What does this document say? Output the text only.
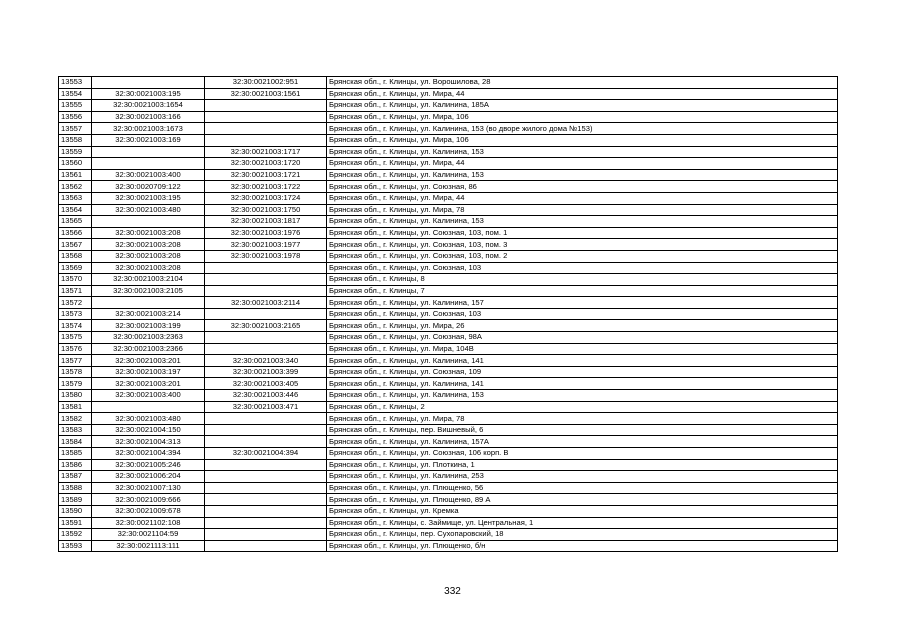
13553		32:30:0021002:951	Брянская обл., г. Клинцы, ул. Ворошилова, 28
13554	32:30:0021003:195	32:30:0021003:1561	Брянская обл., г. Клинцы, ул. Мира, 44
13555	32:30:0021003:1654		Брянская обл., г. Клинцы, ул. Калинина, 185А
13556	32:30:0021003:166		Брянская обл., г. Клинцы, ул. Мира, 106
13557	32:30:0021003:1673		Брянская обл., г. Клинцы, ул. Калинина, 153 (во дворе жилого дома №153)
13558	32:30:0021003:169		Брянская обл., г. Клинцы, ул. Мира, 106
13559		32:30:0021003:1717	Брянская обл., г. Клинцы, ул. Калинина, 153
13560		32:30:0021003:1720	Брянская обл., г. Клинцы, ул. Мира, 44
13561	32:30:0021003:400	32:30:0021003:1721	Брянская обл., г. Клинцы, ул. Калинина, 153
13562	32:30:0020709:122	32:30:0021003:1722	Брянская обл., г. Клинцы, ул. Союзная, 86
13563	32:30:0021003:195	32:30:0021003:1724	Брянская обл., г. Клинцы, ул. Мира, 44
13564	32:30:0021003:480	32:30:0021003:1750	Брянская обл., г. Клинцы, ул. Мира, 78
13565		32:30:0021003:1817	Брянская обл., г. Клинцы, ул. Калинина, 153
13566	32:30:0021003:208	32:30:0021003:1976	Брянская обл., г. Клинцы, ул. Союзная, 103, пом. 1
13567	32:30:0021003:208	32:30:0021003:1977	Брянская обл., г. Клинцы, ул. Союзная, 103, пом. 3
13568	32:30:0021003:208	32:30:0021003:1978	Брянская обл., г. Клинцы, ул. Союзная, 103, пом. 2
13569	32:30:0021003:208		Брянская обл., г. Клинцы, ул. Союзная, 103
13570	32:30:0021003:2104		Брянская обл., г. Клинцы, 8
13571	32:30:0021003:2105		Брянская обл., г. Клинцы, 7
13572		32:30:0021003:2114	Брянская обл., г. Клинцы, ул. Калинина, 157
13573	32:30:0021003:214		Брянская обл., г. Клинцы, ул. Союзная, 103
13574	32:30:0021003:199	32:30:0021003:2165	Брянская обл., г. Клинцы, ул. Мира, 26
13575	32:30:0021003:2363		Брянская обл., г. Клинцы, ул. Союзная, 98А
13576	32:30:0021003:2366		Брянская обл., г. Клинцы, ул. Мира, 104В
13577	32:30:0021003:201	32:30:0021003:340	Брянская обл., г. Клинцы, ул. Калинина, 141
13578	32:30:0021003:197	32:30:0021003:399	Брянская обл., г. Клинцы, ул. Союзная, 109
13579	32:30:0021003:201	32:30:0021003:405	Брянская обл., г. Клинцы, ул. Калинина, 141
13580	32:30:0021003:400	32:30:0021003:446	Брянская обл., г. Клинцы, ул. Калинина, 153
13581		32:30:0021003:471	Брянская обл., г. Клинцы, 2
13582	32:30:0021003:480		Брянская обл., г. Клинцы, ул. Мира, 78
13583	32:30:0021004:150		Брянская обл., г. Клинцы, пер. Вишневый, 6
13584	32:30:0021004:313		Брянская обл., г. Клинцы, ул. Калинина, 157А
13585	32:30:0021004:394	32:30:0021004:394	Брянская обл., г. Клинцы, ул. Союзная, 106 корп. В
13586	32:30:0021005:246		Брянская обл., г. Клинцы, ул. Плоткина, 1
13587	32:30:0021006:204		Брянская обл., г. Клинцы, ул. Калинина, 253
13588	32:30:0021007:130		Брянская обл., г. Клинцы, ул. Плющенко, 56
13589	32:30:0021009:666		Брянская обл., г. Клинцы, ул. Плющенко, 89 А
13590	32:30:0021009:678		Брянская обл., г. Клинцы, ул. Кремка
13591	32:30:0021102:108		Брянская обл., г. Клинцы, с. Займище, ул. Центральная, 1
13592	32:30:0021104:59		Брянская обл., г. Клинцы, пер. Сухопаровский, 18
13593	32:30:0021113:111		Брянская обл., г. Клинцы, ул. Плющенко, б/н
332
